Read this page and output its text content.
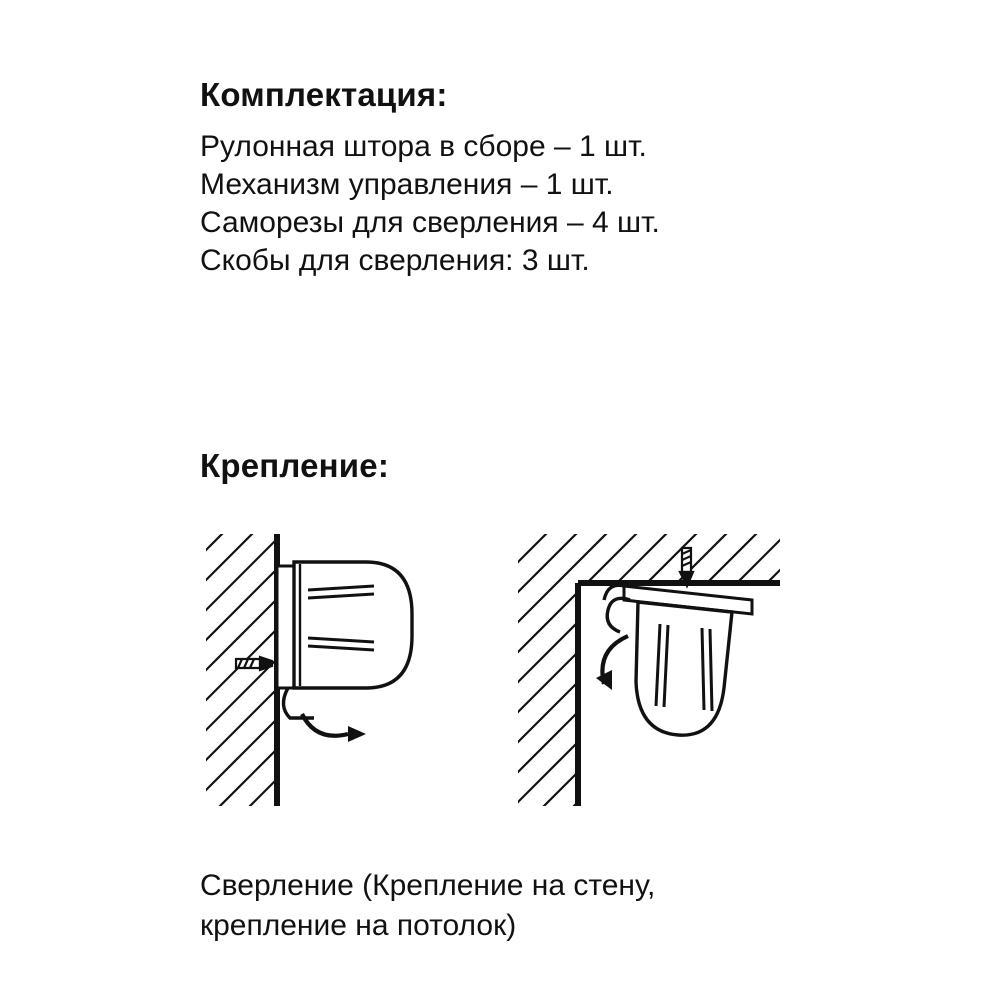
Комплектация:
Рулонная штора в сборе – 1 шт.
Механизм управления – 1 шт.
Саморезы для сверления – 4 шт.
Скобы для сверления: 3 шт.
Крепление:
Сверление (Крепление на стену,
крепление на потолок)
